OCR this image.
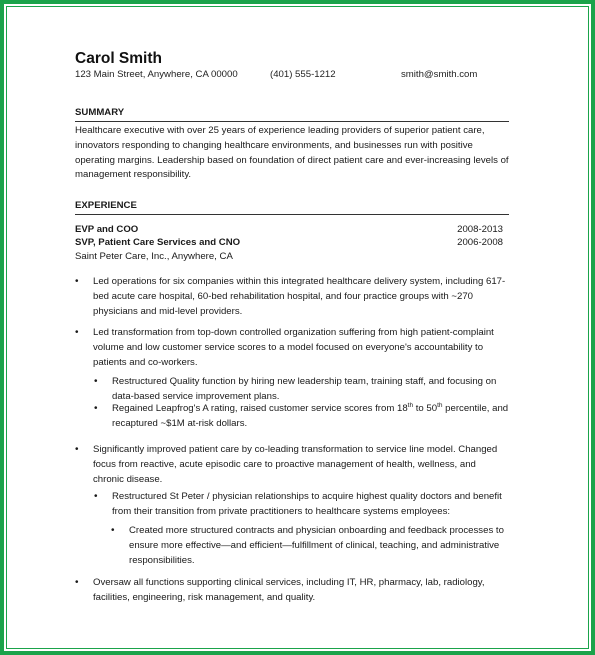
Carol Smith
123 Main Street, Anywhere, CA 00000	(401) 555-1212	smith@smith.com
SUMMARY
Healthcare executive with over 25 years of experience leading providers of superior patient care, innovators responding to changing healthcare environments, and businesses run with positive operating margins. Leadership based on foundation of direct patient care and ever-increasing levels of management responsibility.
EXPERIENCE
EVP and COO	2008-2013
SVP, Patient Care Services and CNO	2006-2008
Saint Peter Care, Inc., Anywhere, CA
• Led operations for six companies within this integrated healthcare delivery system, including 617-bed acute care hospital, 60-bed rehabilitation hospital, and four practice groups with ~270 physicians and mid-level providers.
• Led transformation from top-down controlled organization suffering from high patient-complaint volume and low customer service scores to a model focused on everyone's accountability to patients and co-workers.
• Restructured Quality function by hiring new leadership team, training staff, and focusing on data-based service improvement plans.
• Regained Leapfrog's A rating, raised customer service scores from 18th to 50th percentile, and recaptured ~$1M at-risk dollars.
• Significantly improved patient care by co-leading transformation to service line model. Changed focus from reactive, acute episodic care to proactive management of health, wellness, and chronic disease.
• Restructured St Peter / physician relationships to acquire highest quality doctors and benefit from their transition from private practitioners to healthcare systems employees:
• Created more structured contracts and physician onboarding and feedback processes to ensure more effective—and efficient—fulfillment of clinical, teaching, and administrative responsibilities.
• Oversaw all functions supporting clinical services, including IT, HR, pharmacy, lab, radiology, facilities, engineering, risk management, and quality.
